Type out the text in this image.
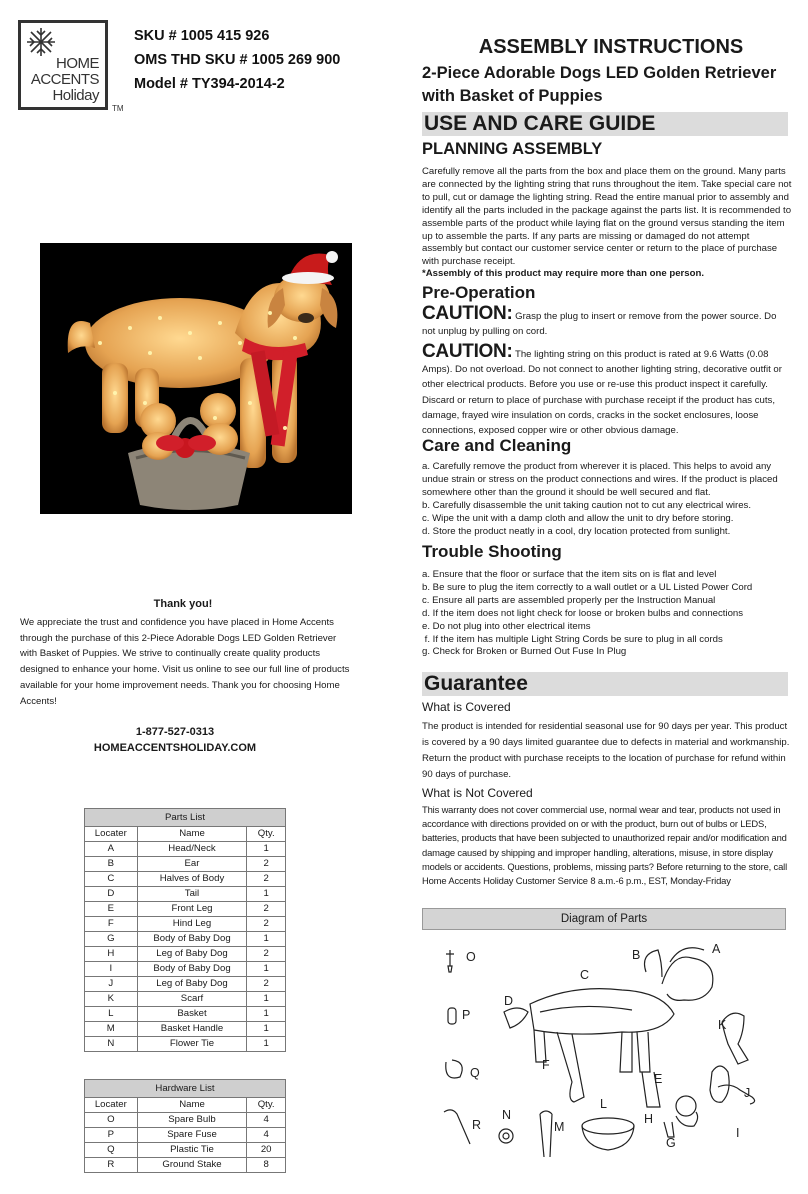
HOME
ACCENTS
Holiday
TM
SKU # 1005 415 926
OMS THD SKU # 1005 269 900
Model # TY394-2014-2
ASSEMBLY INSTRUCTIONS
2-Piece Adorable Dogs LED Golden Retriever
with Basket of Puppies
USE AND CARE GUIDE
PLANNING ASSEMBLY
Carefully remove all the parts from the box and place them on the ground. Many parts are connected by the lighting string that runs throughout the item. Take special care not to pull, cut or damage the lighting string. Read the entire manual prior to assembly and identify all the parts included in the package against the parts list. It is recommended to assemble parts of the product while laying flat on the ground versus standing the item up to assemble the parts. If any parts are missing or damaged do not attempt assembly but contact our customer service center or return to the place of purchase with purchase receipt.
*Assembly of this product may require more than one person.
Pre-Operation
CAUTION: Grasp the plug to insert or remove from the power source. Do not unplug by pulling on cord.
CAUTION: The lighting string on this product is rated at 9.6 Watts (0.08 Amps). Do not overload. Do not connect to another lighting string, decorative outfit or other electrical products. Before you use or re-use this product inspect it carefully. Discard or return to place of purchase with purchase receipt if the product has cuts, damage, frayed wire insulation on cords, cracks in the socket enclosures, loose connections, exposed copper wire or other obvious damage.
Care and Cleaning
a. Carefully remove the product from wherever it is placed. This helps to avoid any undue strain or stress on the product connections and wires. If the product is placed somewhere other than the ground it should be well secured and flat.
b. Carefully disassemble the unit taking caution not to cut any electrical wires.
c. Wipe the unit with a damp cloth and allow the unit to dry before storing.
d. Store the product neatly in a cool, dry location protected from sunlight.
Trouble Shooting
a. Ensure that the floor or surface that the item sits on is flat and level
b. Be sure to plug the item correctly to a wall outlet or a UL Listed Power Cord
c. Ensure all parts are assembled properly per the Instruction Manual
d. If the item does not light check for loose or broken bulbs and connections
e. Do not plug into other electrical items
f. If the item has multiple Light String Cords be sure to plug in all cords
g. Check for Broken or Burned Out Fuse In Plug
Guarantee
What is Covered
The product is intended for residential seasonal use for 90 days per year. This product is covered by a 90 days limited guarantee due to defects in material and workmanship. Return the product with purchase receipts to the location of purchase for refund within 90 days of purchase.
What is Not Covered
This warranty does not cover commercial use, normal wear and tear, products not used in accordance with directions provided on or with the product, burn out of bulbs or LEDS, batteries, products that have been subjected to unauthorized repair and/or modification and damage caused by shipping and improper handling, alterations, misuse, in store display models or accidents. Questions, problems, missing parts? Before returning to the store, call Home Accents Holiday Customer Service 8 a.m.-6 p.m., EST, Monday-Friday
Diagram of Parts
Thank you!
We appreciate the trust and confidence you have placed in Home Accents through the purchase of this 2-Piece Adorable Dogs LED Golden Retriever with Basket of Puppies. We strive to continually create quality products designed to enhance your home. Visit us online to see our full line of products available for your home improvement needs. Thank you for choosing Home Accents!
1-877-527-0313
HOMEACCENTSHOLIDAY.COM
Parts List		
Locater	Name	Qty.
A	Head/Neck	1
B	Ear	2
C	Halves of Body	2
D	Tail	1
E	Front Leg	2
F	Hind Leg	2
G	Body of Baby Dog	1
H	Leg of Baby Dog	2
I	Body of Baby Dog	1
J	Leg of Baby Dog	2
K	Scarf	1
L	Basket	1
M	Basket Handle	1
N	Flower Tie	1
Hardware List		
Locater	Name	Qty.
O	Spare Bulb	4
P	Spare Fuse	4
Q	Plastic Tie	20
R	Ground Stake	8
O
P
Q
R
N
M
L
D
C
F
E
A
B
K
J
I
G
H
